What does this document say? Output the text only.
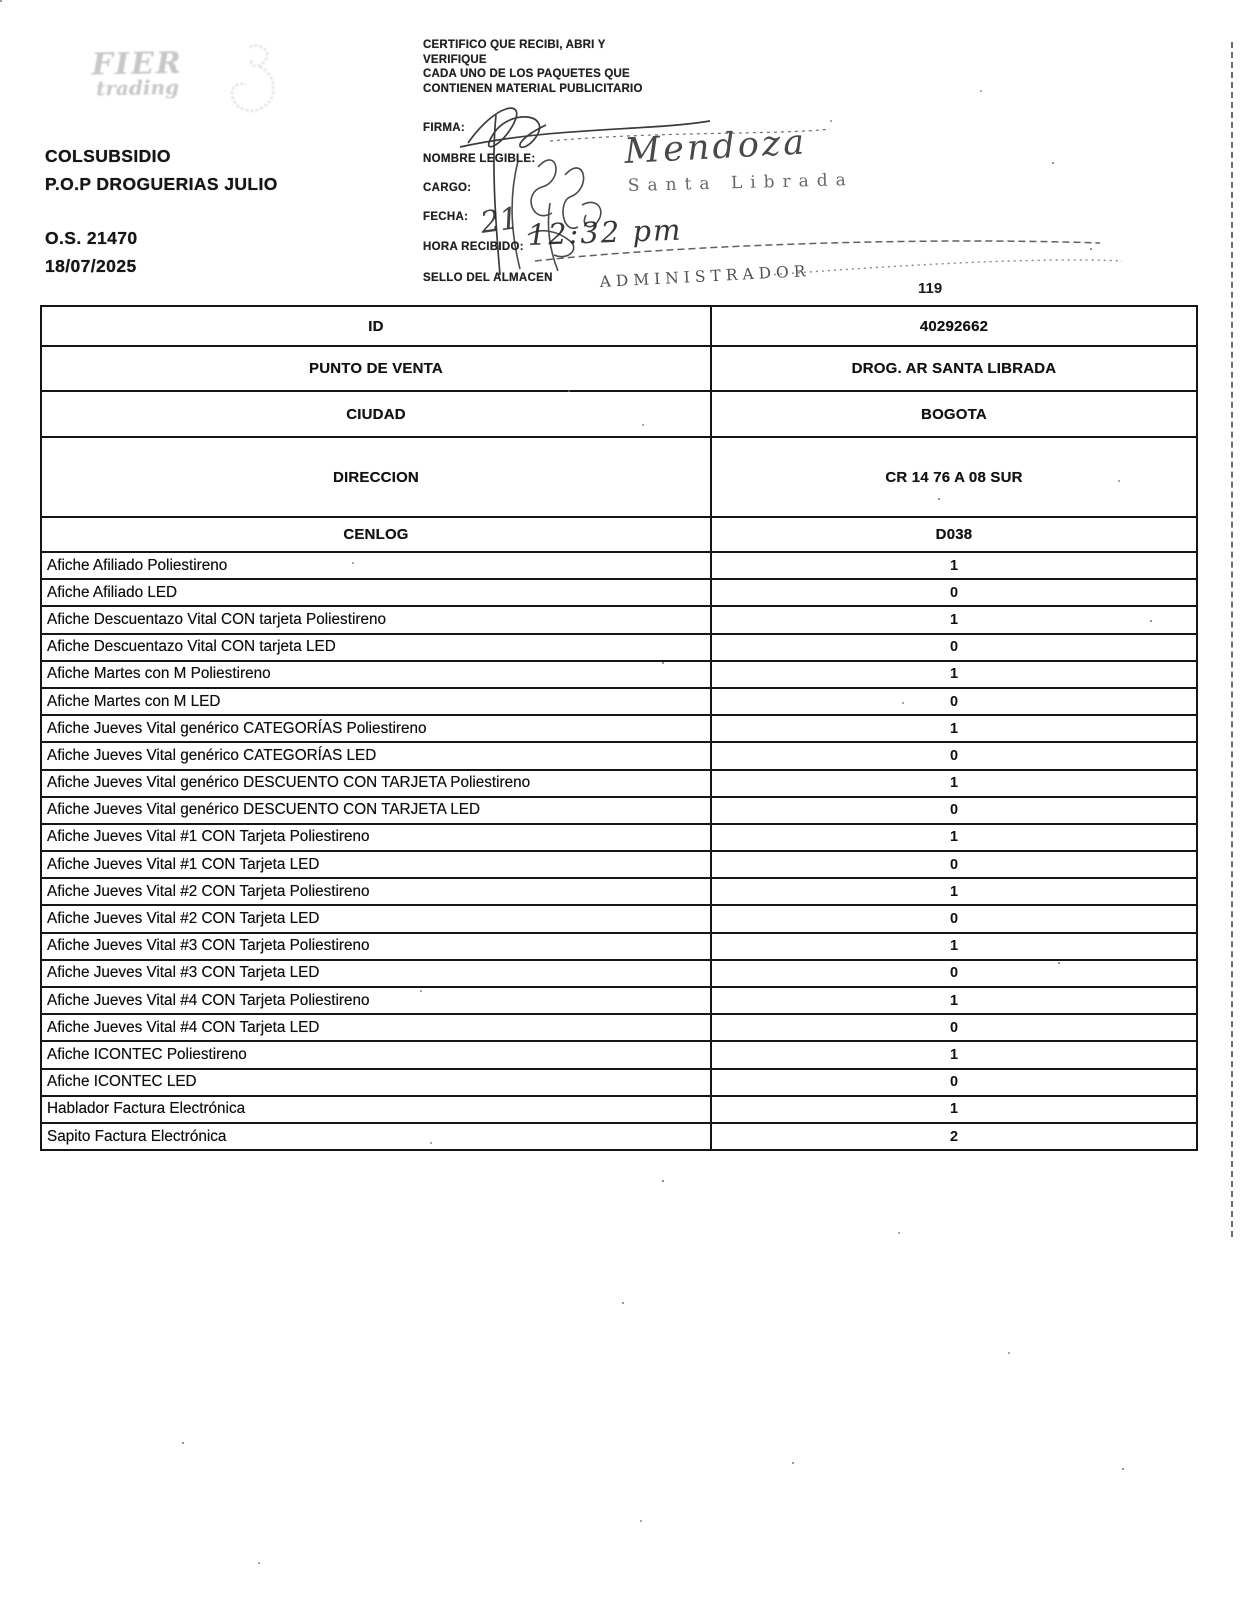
FIER
trading
COLSUBSIDIO
P.O.P DROGUERIAS JULIO
O.S. 21470
18/07/2025
CERTIFICO QUE RECIBI, ABRI Y
VERIFIQUE
CADA UNO DE LOS PAQUETES QUE
CONTIENEN MATERIAL PUBLICITARIO
FIRMA:
NOMBRE LEGIBLE:
CARGO:
FECHA:
HORA RECIBIDO:
SELLO DEL ALMACEN
Mendoza
Santa Librada
21 12:32 pm
ADMINISTRADOR	119
ID	40292662
PUNTO DE VENTA	DROG. AR SANTA LIBRADA
CIUDAD	BOGOTA
DIRECCION	CR 14 76 A 08 SUR
CENLOG	D038
Afiche Afiliado Poliestireno	1
Afiche Afiliado LED	0
Afiche Descuentazo Vital CON tarjeta Poliestireno	1
Afiche Descuentazo Vital CON tarjeta LED	0
Afiche Martes con M Poliestireno	1
Afiche Martes con M LED	0
Afiche Jueves Vital genérico CATEGORÍAS Poliestireno	1
Afiche Jueves Vital genérico CATEGORÍAS LED	0
Afiche Jueves Vital genérico DESCUENTO CON TARJETA Poliestireno	1
Afiche Jueves Vital genérico DESCUENTO CON TARJETA LED	0
Afiche Jueves Vital #1 CON Tarjeta Poliestireno	1
Afiche Jueves Vital #1 CON Tarjeta LED	0
Afiche Jueves Vital #2 CON Tarjeta Poliestireno	1
Afiche Jueves Vital #2 CON Tarjeta LED	0
Afiche Jueves Vital #3 CON Tarjeta Poliestireno	1
Afiche Jueves Vital #3 CON Tarjeta LED	0
Afiche Jueves Vital #4 CON Tarjeta Poliestireno	1
Afiche Jueves Vital #4 CON Tarjeta LED	0
Afiche ICONTEC Poliestireno	1
Afiche ICONTEC LED	0
Hablador Factura Electrónica	1
Sapito Factura Electrónica	2
